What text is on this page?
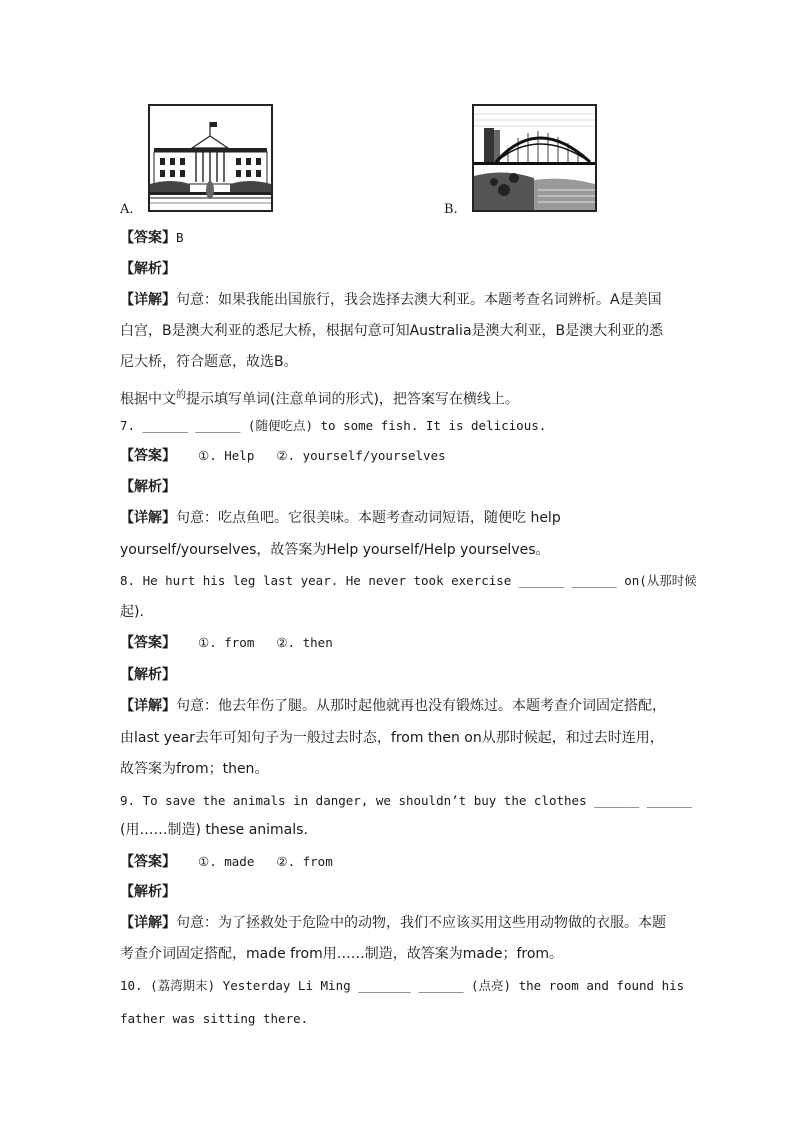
A.	B.
【答案】B
【解析】
【详解】句意：如果我能出国旅行，我会选择去澳大利亚。本题考查名词辨析。A是美国
白宫，B是澳大利亚的悉尼大桥，根据句意可知Australia是澳大利亚，B是澳大利亚的悉
尼大桥，符合题意，故选B。
根据中文$^的$提示填写单词(注意单词的形式)，把答案写在横线上。
7. ______ ______ (随便吃点) to some fish. It is delicious.
【答案】 ①. Help ②. yourself/yourselves
【解析】
【详解】句意：吃点鱼吧。它很美味。本题考查动词短语，随便吃 help
yourself/yourselves，故答案为Help yourself/Help yourselves。
8. He hurt his leg last year. He never took exercise ______ ______ on(从那时候
起).
【答案】 ①. from ②. then
【解析】
【详解】句意：他去年伤了腿。从那时起他就再也没有锻炼过。本题考查介词固定搭配，
由last year去年可知句子为一般过去时态，from then on从那时候起，和过去时连用，
故答案为from；then。
9. To save the animals in danger, we shouldn’t buy the clothes ______ ______
(用……制造) these animals.
【答案】 ①. made ②. from
【解析】
【详解】句意：为了拯救处于危险中的动物，我们不应该买用这些用动物做的衣服。本题
考查介词固定搭配，made from用……制造，故答案为made；from。
10. (荔湾期末) Yesterday Li Ming _______ ______ (点亮) the room and found his
father was sitting there.
